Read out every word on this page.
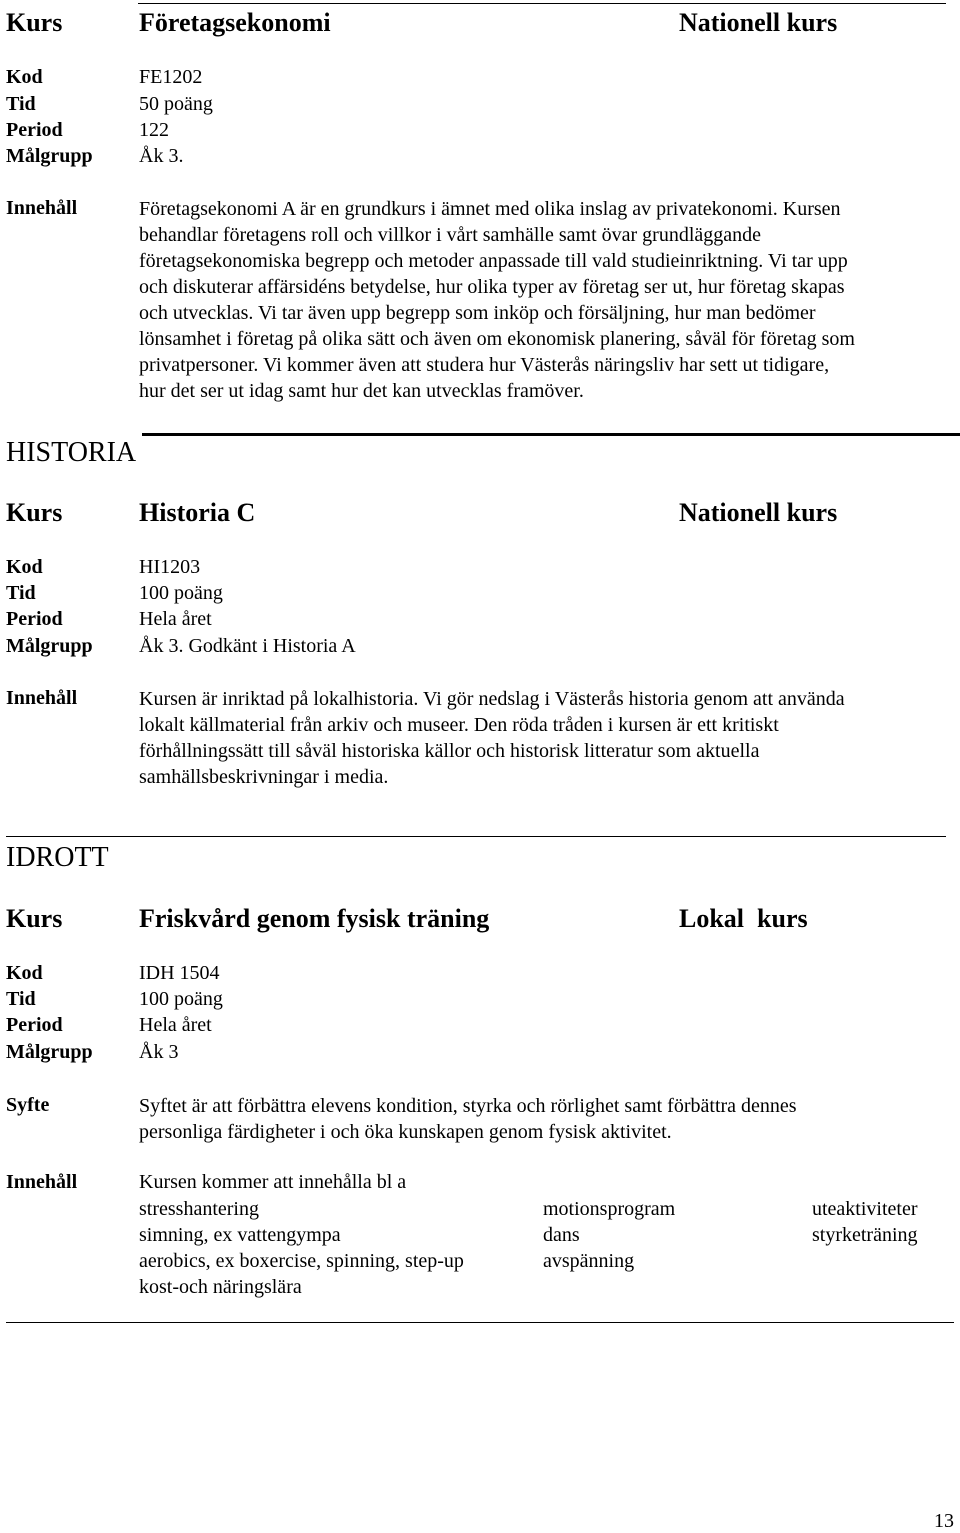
Kurs	Företagsekonomi	Nationell kurs
Kod	FE1202
Tid	50 poäng
Period	122
Målgrupp Åk 3.
Innehåll	Företagsekonomi A är en grundkurs i ämnet med olika inslag av privatekonomi. Kursen
behandlar företagens roll och villkor i vårt samhälle samt övar grundläggande
företagsekonomiska begrepp och metoder anpassade till vald studieinriktning. Vi tar upp
och diskuterar affärsidéns betydelse, hur olika typer av företag ser ut, hur företag skapas
och utvecklas. Vi tar även upp begrepp som inköp och försäljning, hur man bedömer
lönsamhet i företag på olika sätt och även om ekonomisk planering, såväl för företag som
privatpersoner. Vi kommer även att studera hur Västerås näringsliv har sett ut tidigare,
hur det ser ut idag samt hur det kan utvecklas framöver.
HISTORIA
Kurs	Historia C	Nationell kurs
Kod	HI1203
Tid	100 poäng
Period	Hela året
Målgrupp Åk 3. Godkänt i Historia A
Innehåll	Kursen är inriktad på lokalhistoria. Vi gör nedslag i Västerås historia genom att använda
lokalt källmaterial från arkiv och museer. Den röda tråden i kursen är ett kritiskt
förhållningssätt till såväl historiska källor och historisk litteratur som aktuella
samhällsbeskrivningar i media.
IDROTT
Kurs	Friskvård genom fysisk träning	Lokal  kurs
Kod	IDH 1504
Tid	100 poäng
Period	Hela året
Målgrupp Åk 3
Syfte	Syftet är att förbättra elevens kondition, styrka och rörlighet samt förbättra dennes
personliga färdigheter i och öka kunskapen genom fysisk aktivitet.
Innehåll	Kursen kommer att innehålla bl a
stresshantering	motionsprogram	uteaktiviteter
simning, ex vattengympa	dans	styrketräning
aerobics, ex boxercise, spinning, step-up	avspänning
kost-och näringslära
13
